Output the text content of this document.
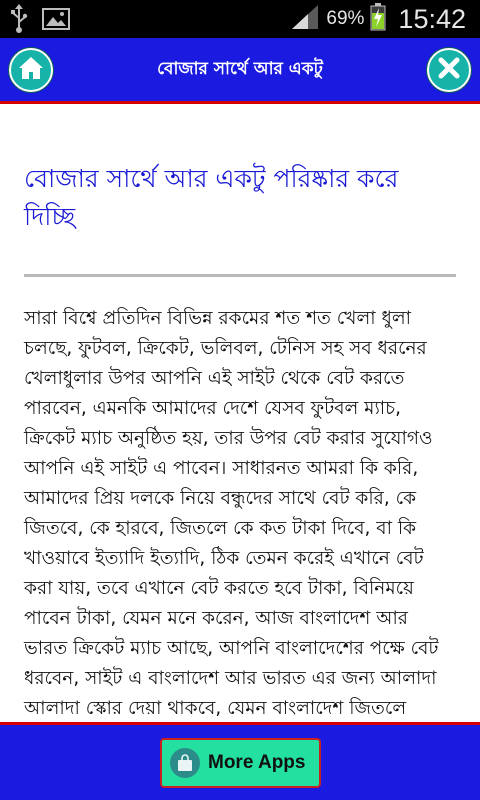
69% 15:42
বোজার সার্থে আর একটু
বোজার সার্থে আর একটু পরিষ্কার করে দিচ্ছি
সারা বিশ্বে প্রতিদিন বিভিন্ন রকমের শত শত খেলা ধুলা চলছে, ফুটবল, ক্রিকেট, ভলিবল, টেনিস সহ সব ধরনের খেলাধুলার উপর আপনি এই সাইট থেকে বেট করতে পারবেন, এমনকি আমাদের দেশে যেসব ফুটবল ম্যাচ, ক্রিকেট ম্যাচ অনুষ্ঠিত হয়, তার উপর বেট করার সুযোগও আপনি এই সাইট এ পাবেন। সাধারনত আমরা কি করি, আমাদের প্রিয় দলকে নিয়ে বন্ধুদের সাথে বেট করি, কে জিতবে, কে হারবে, জিতলে কে কত টাকা দিবে, বা কি খাওয়াবে ইত্যাদি ইত্যাদি, ঠিক তেমন করেই এখানে বেট করা যায়, তবে এখানে বেট করতে হবে টাকা, বিনিময়ে পাবেন টাকা, যেমন মনে করেন, আজ বাংলাদেশ আর ভারত ক্রিকেট ম্যাচ আছে, আপনি বাংলাদেশের পক্ষে বেট ধরবেন, সাইট এ বাংলাদেশ আর ভারত এর জন্য আলাদা আলাদা স্কোর দেয়া থাকবে, যেমন বাংলাদেশ জিতলে
More Apps
